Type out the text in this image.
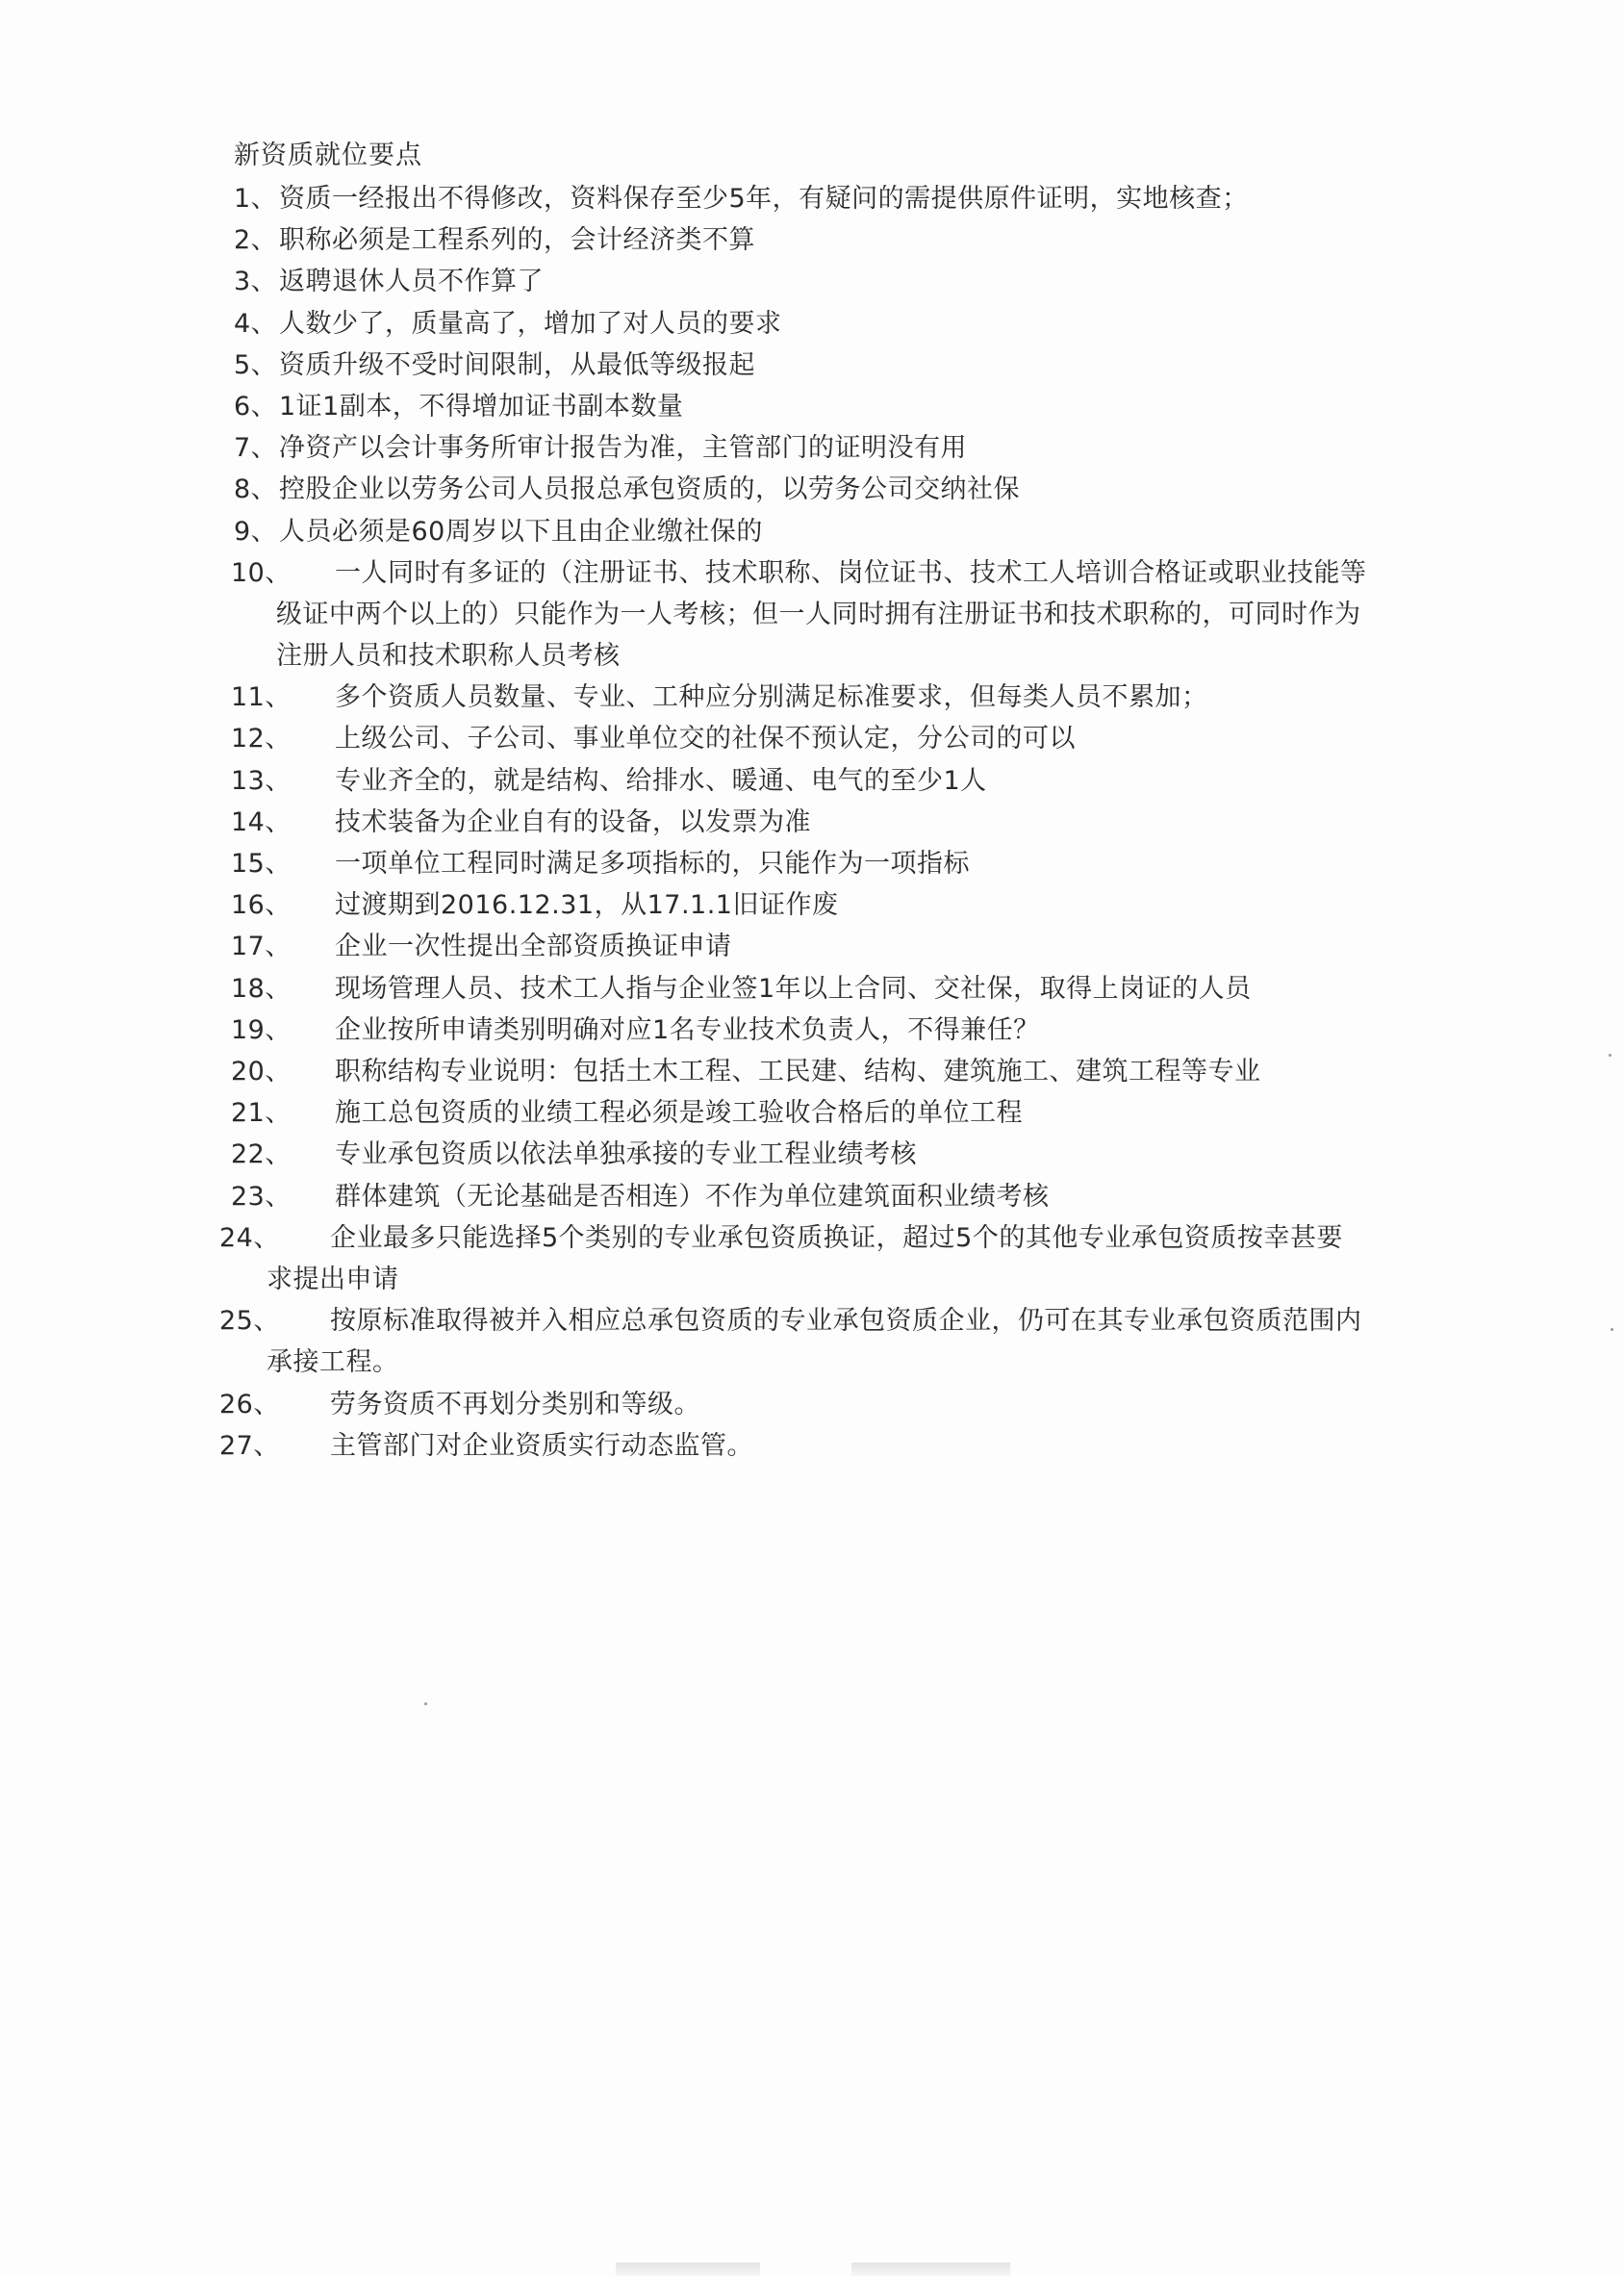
新资质就位要点
1、 资质一经报出不得修改，资料保存至少5年，有疑问的需提供原件证明，实地核查；
2、 职称必须是工程系列的，会计经济类不算
3、 返聘退休人员不作算了
4、 人数少了，质量高了，增加了对人员的要求
5、 资质升级不受时间限制，从最低等级报起
6、 1证1副本，不得增加证书副本数量
7、 净资产以会计事务所审计报告为准，主管部门的证明没有用
8、 控股企业以劳务公司人员报总承包资质的，以劳务公司交纳社保
9、 人员必须是60周岁以下且由企业缴社保的
10、	一人同时有多证的（注册证书、技术职称、岗位证书、技术工人培训合格证或职业技能等
级证中两个以上的）只能作为一人考核；但一人同时拥有注册证书和技术职称的，可同时作为
注册人员和技术职称人员考核
11、 多个资质人员数量、专业、工种应分别满足标准要求，但每类人员不累加；
12、 上级公司、子公司、事业单位交的社保不预认定，分公司的可以
13、 专业齐全的，就是结构、给排水、暖通、电气的至少1人
14、 技术装备为企业自有的设备，以发票为准
15、 一项单位工程同时满足多项指标的，只能作为一项指标
16、 过渡期到2016.12.31，从17.1.1旧证作废
17、 企业一次性提出全部资质换证申请
18、 现场管理人员、技术工人指与企业签1年以上合同、交社保，取得上岗证的人员
19、 企业按所申请类别明确对应1名专业技术负责人，不得兼任？
20、 职称结构专业说明：包括土木工程、工民建、结构、建筑施工、建筑工程等专业
21、 施工总包资质的业绩工程必须是竣工验收合格后的单位工程
22、 专业承包资质以依法单独承接的专业工程业绩考核
23、 群体建筑（无论基础是否相连）不作为单位建筑面积业绩考核
24、	企业最多只能选择5个类别的专业承包资质换证，超过5个的其他专业承包资质按幸甚要
求提出申请
25、	按原标准取得被并入相应总承包资质的专业承包资质企业，仍可在其专业承包资质范围内
承接工程。
26、 劳务资质不再划分类别和等级。
27、 主管部门对企业资质实行动态监管。
